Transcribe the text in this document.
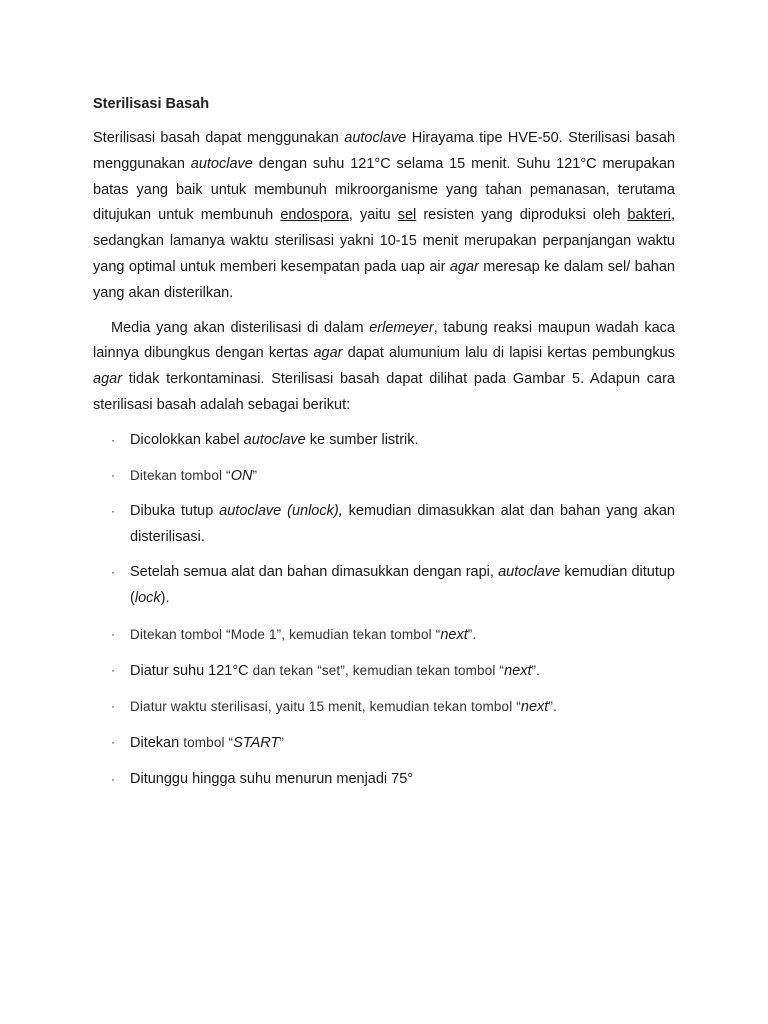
Sterilisasi Basah

Sterilisasi basah dapat menggunakan autoclave Hirayama tipe HVE-50. Sterilisasi basah menggunakan autoclave dengan suhu 121°C selama 15 menit. Suhu 121°C merupakan batas yang baik untuk membunuh mikroorganisme yang tahan pemanasan, terutama ditujukan untuk membunuh endospora, yaitu sel resisten yang diproduksi oleh bakteri, sedangkan lamanya waktu sterilisasi yakni 10-15 menit merupakan perpanjangan waktu yang optimal untuk memberi kesempatan pada uap air agar meresap ke dalam sel/ bahan yang akan disterilkan.

Media yang akan disterilisasi di dalam erlemeyer, tabung reaksi maupun wadah kaca lainnya dibungkus dengan kertas agar dapat alumunium lalu di lapisi kertas pembungkus agar tidak terkontaminasi. Sterilisasi basah dapat dilihat pada Gambar 5. Adapun cara sterilisasi basah adalah sebagai berikut:

· Dicolokkan kabel autoclave ke sumber listrik.
· Ditekan tombol “ON”
· Dibuka tutup autoclave (unlock), kemudian dimasukkan alat dan bahan yang akan disterilisasi.
· Setelah semua alat dan bahan dimasukkan dengan rapi, autoclave kemudian ditutup (lock).
· Ditekan tombol “Mode 1”, kemudian tekan tombol “next”.
· Diatur suhu 121°C dan tekan “set”, kemudian tekan tombol “next”.
· Diatur waktu sterilisasi, yaitu 15 menit, kemudian tekan tombol “next”.
· Ditekan tombol “START”
· Ditunggu hingga suhu menurun menjadi 75°
